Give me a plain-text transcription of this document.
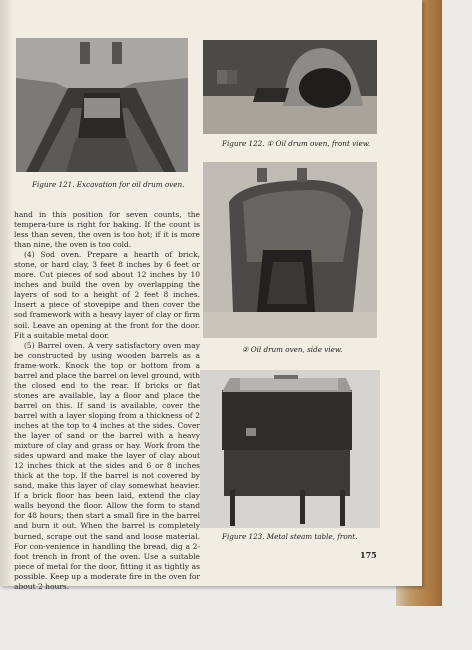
Figure 121. Excavation for oil drum oven.
Figure 122. ① Oil drum oven, front view.
② Oil drum oven, side view.
Figure 123. Metal steam table, front.

hand in this position for seven counts, the tempera-ture is right for baking. If the count is less than seven, the oven is too hot; if it is more than nine, the oven is too cold.

(4) Sod oven. Prepare a hearth of brick, stone, or hard clay, 3 feet 8 inches by 6 feet or more. Cut pieces of sod about 12 inches by 10 inches and build the oven by overlapping the layers of sod to a height of 2 feet 8 inches. Insert a piece of stovepipe and then cover the sod framework with a heavy layer of clay or firm soil. Leave an opening at the front for the door. Fit a suitable metal door.

(5) Barrel oven. A very satisfactory oven may be constructed by using wooden barrels as a frame-work. Knock the top or bottom from a barrel and place the barrel on level ground, with the closed end to the rear. If bricks or flat stones are available, lay a floor and place the barrel on this. If sand is available, cover the barrel with a layer sloping from a thickness of 2 inches at the top to 4 inches at the sides. Cover the layer of sand or the barrel with a heavy mixture of clay and grass or hay. Work from the sides upward and make the layer of clay about 12 inches thick at the sides and 6 or 8 inches thick at the top. If the barrel is not covered by sand, make this layer of clay somewhat heavier. If a brick floor has been laid, extend the clay walls beyond the floor. Allow the form to stand for 48 hours; then start a small fire in the barrel and burn it out. When the barrel is completely burned, scrape out the sand and loose material. For con-venience in handling the bread, dig a 2-foot trench in front of the oven. Use a suitable piece of metal for the door, fitting it as tightly as possible. Keep up a moderate fire in the oven for about 2 hours.

175
